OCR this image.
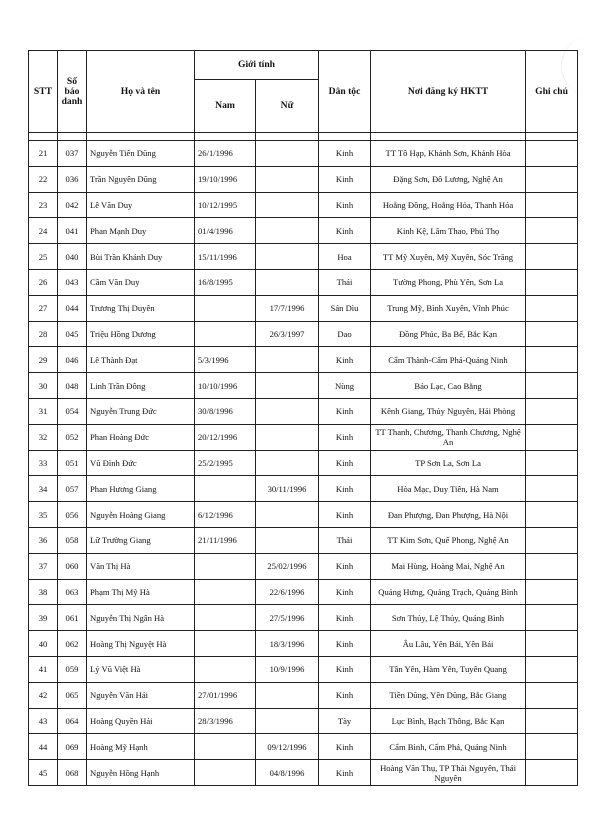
STT	Số báo danh	Họ và tên	Giới tính		Dân tộc	Nơi đăng ký HKTT	Ghi chú
			Nam	Nữ			

21	037	Nguyễn Tiến Dũng	26/1/1996		Kinh	TT Tô Hạp, Khánh Sơn, Khánh Hòa	
22	036	Trần Nguyên Dũng	19/10/1996		Kinh	Đặng Sơn, Đô Lương, Nghệ An	
23	042	Lê Văn Duy	10/12/1995		Kinh	Hoằng Đồng, Hoằng Hóa, Thanh Hóa	
24	041	Phan Mạnh Duy	01/4/1996		Kinh	Kinh Kệ, Lâm Thao, Phú Thọ	
25	040	Bùi Trần Khánh Duy	15/11/1996		Hoa	TT Mỹ Xuyên, Mỹ Xuyên, Sóc Trăng	
26	043	Cầm Văn Duy	16/8/1995		Thái	Tường Phong, Phù Yên, Sơn La	
27	044	Trương Thị Duyên		17/7/1996	Sán Dìu	Trung Mỹ, Bình Xuyên, Vĩnh Phúc	
28	045	Triệu Hồng Dương		26/3/1997	Dao	Đồng Phúc, Ba Bể, Bắc Kạn	
29	046	Lê Thành Đạt	5/3/1996		Kinh	Cẩm Thành-Cẩm Phả-Quảng Ninh	
30	048	Linh Trần Đông	10/10/1996		Nùng	Bảo Lạc, Cao Bằng	
31	054	Nguyễn Trung Đức	30/8/1996		Kinh	Kênh Giang, Thủy Nguyên, Hải Phòng	
32	052	Phan Hoàng Đức	20/12/1996		Kinh	TT Thanh, Chương, Thanh Chương, Nghệ An	
33	051	Vũ Đình Đức	25/2/1995		Kinh	TP Sơn La, Sơn La	
34	057	Phan Hương Giang		30/11/1996	Kinh	Hòa Mạc, Duy Tiên, Hà Nam	
35	056	Nguyễn Hoàng Giang	6/12/1996		Kinh	Đan Phượng, Đan Phượng, Hà Nội	
36	058	Lữ Trường Giang	21/11/1996		Thái	TT Kim Sơn, Quế Phong, Nghệ An	
37	060	Văn Thị Hà		25/02/1996	Kinh	Mai Hùng, Hoàng Mai, Nghệ An	
38	063	Phạm Thị Mỹ Hà		22/6/1996	Kinh	Quảng Hưng, Quảng Trạch, Quảng Bình	
39	061	Nguyễn Thị Ngân Hà		27/5/1996	Kinh	Sơn Thủy, Lệ Thủy, Quảng Bình	
40	062	Hoàng Thị Nguyệt Hà		18/3/1996	Kinh	Âu Lâu, Yên Bái, Yên Bái	
41	059	Lý Vũ Việt Hà		10/9/1996	Kinh	Tân Yên, Hàm Yên, Tuyên Quang	
42	065	Nguyễn Văn Hải	27/01/1996		Kinh	Tiền Dũng, Yên Dũng, Bắc Giang	
43	064	Hoàng Quyền Hải	28/3/1996		Tày	Lục Bình, Bạch Thông, Bắc Kạn	
44	069	Hoàng Mỹ Hạnh		09/12/1996	Kinh	Cẩm Bình, Cẩm Phả, Quảng Ninh	
45	068	Nguyễn Hồng Hạnh		04/8/1996	Kinh	Hoàng Văn Thụ, TP Thái Nguyên, Thái Nguyên	
